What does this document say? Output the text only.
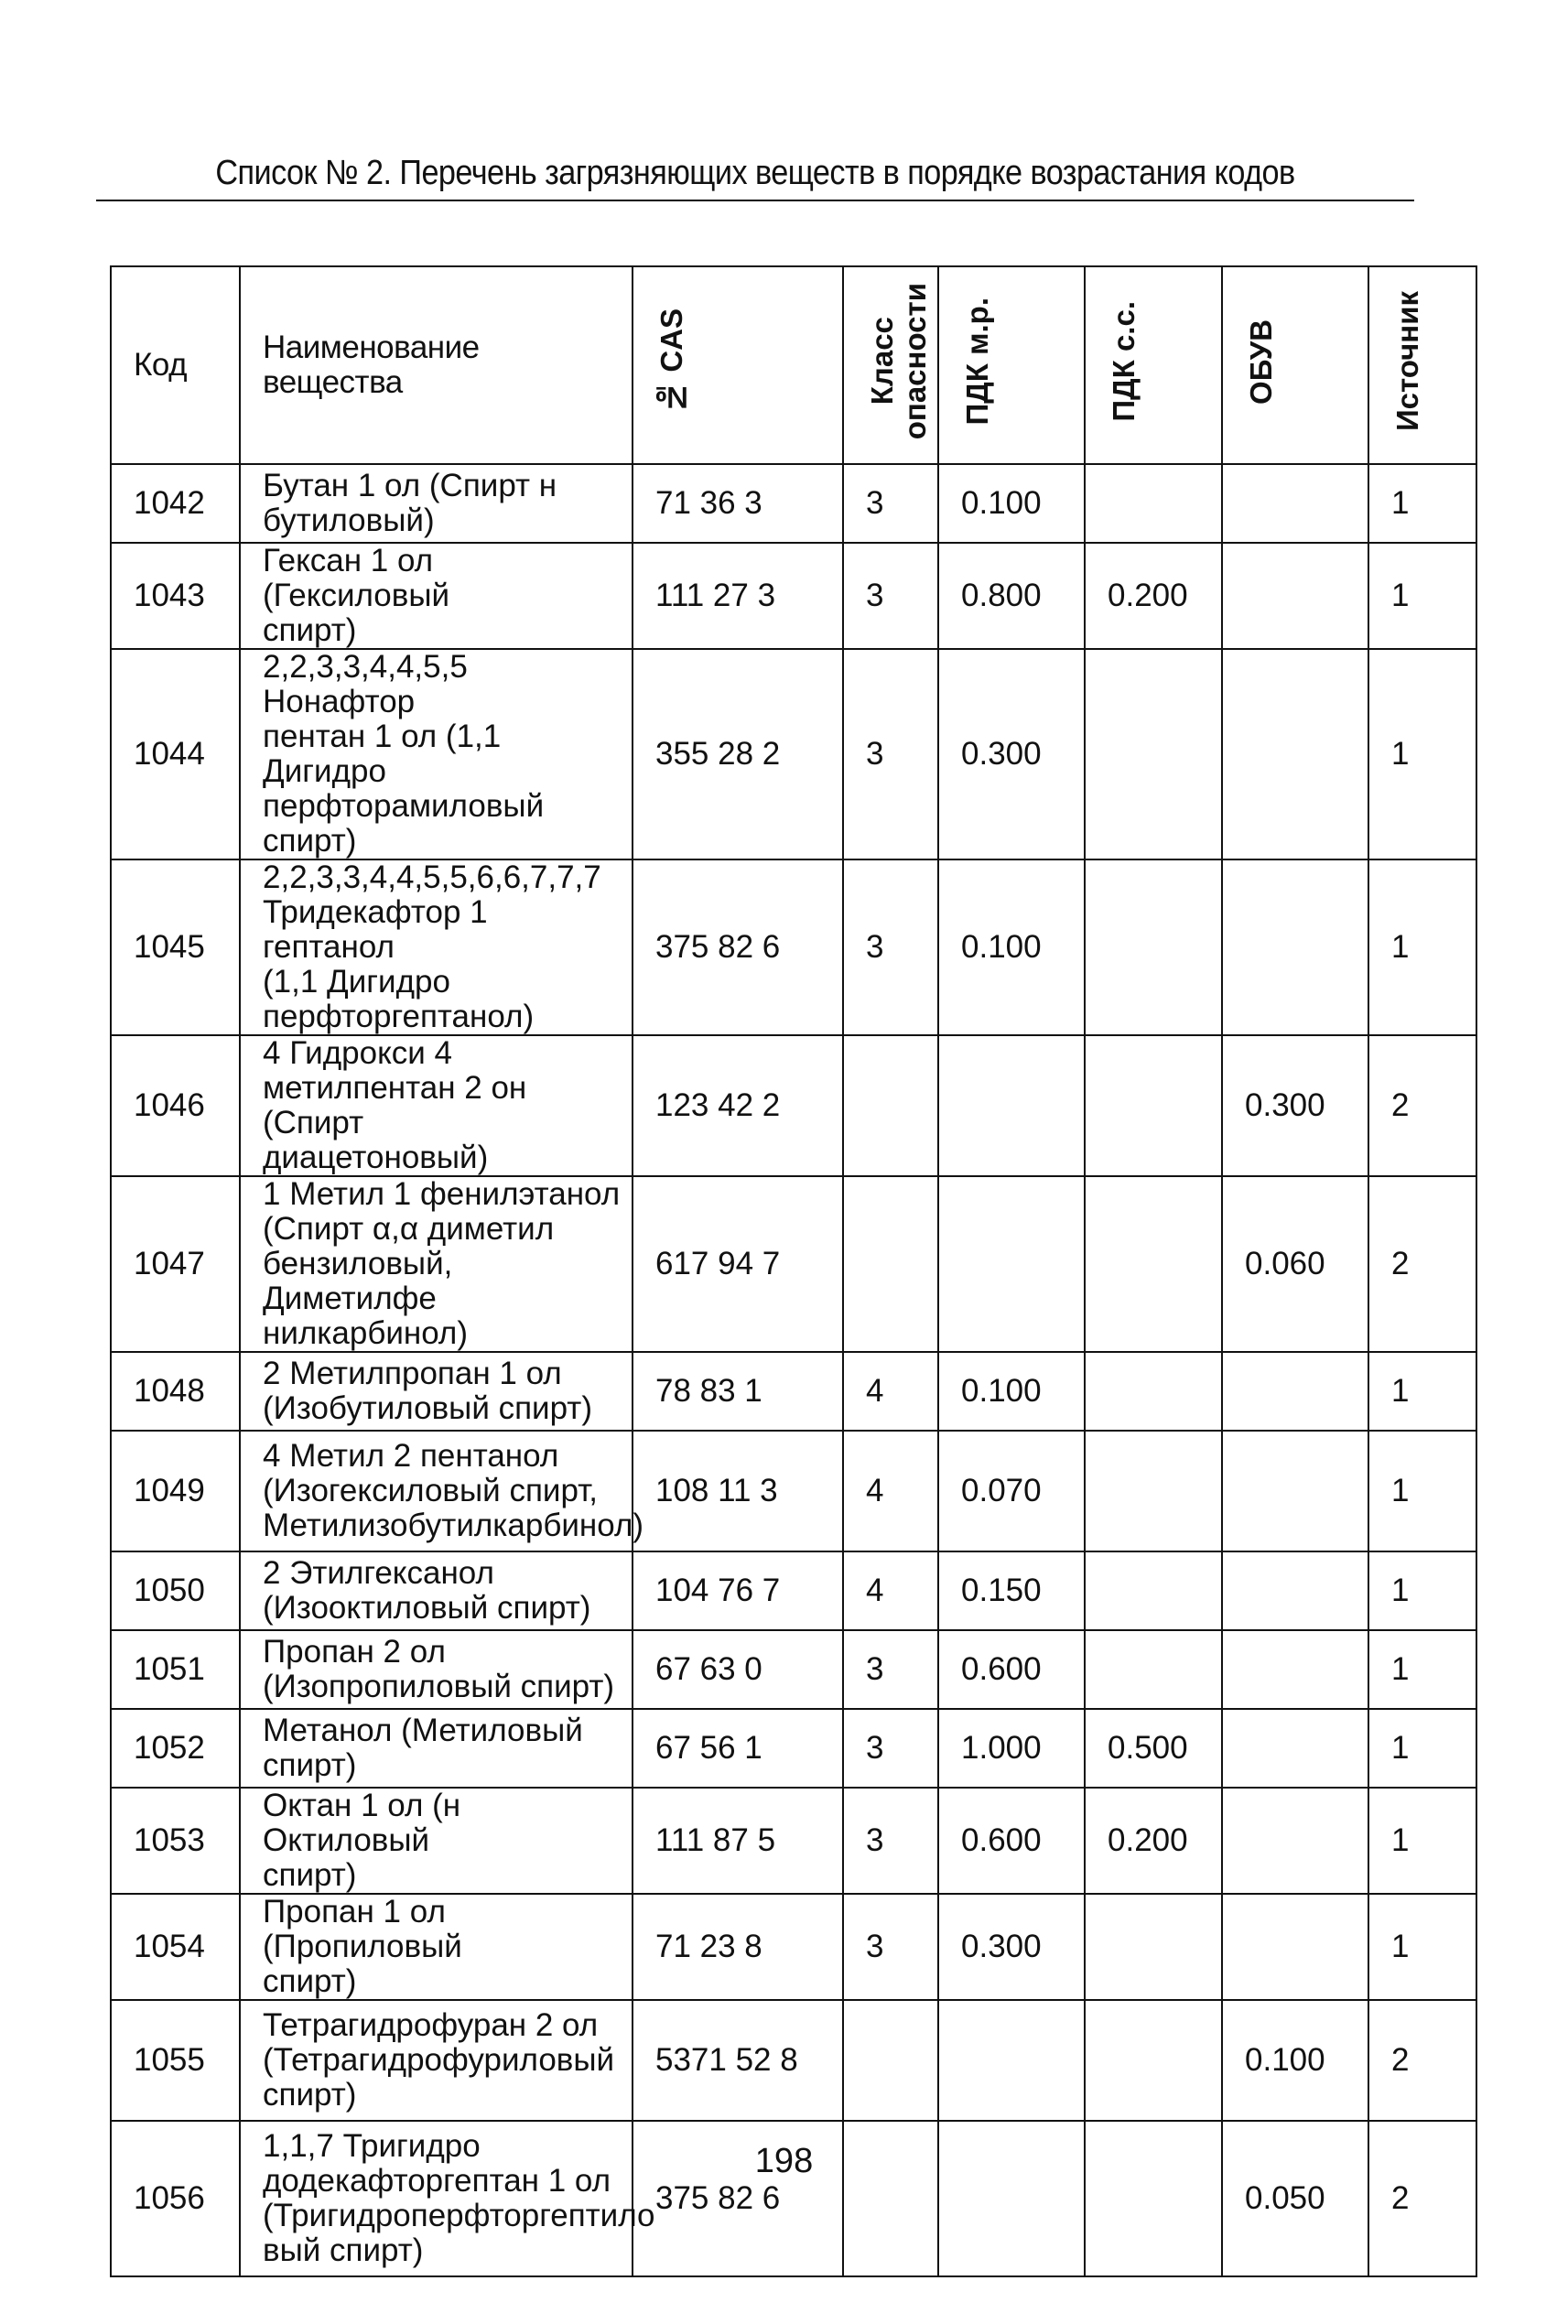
Список № 2. Перечень загрязняющих веществ в порядке возрастания кодов
Код	Наименование вещества	№ CAS	Класс
опасности	ПДК м.р.	ПДК с.с.	ОБУВ	Источник
1042	Бутан 1 ол (Спирт н
бутиловый)	71 36 3	3	0.100			1
1043	Гексан 1 ол (Гексиловый
спирт)	111 27 3	3	0.800	0.200		1
1044	2,2,3,3,4,4,5,5 Нонафтор
пентан 1 ол (1,1 Дигидро
перфторамиловый спирт)	355 28 2	3	0.300			1
1045	2,2,3,3,4,4,5,5,6,6,7,7,7
Тридекафтор 1 гептанол
(1,1 Дигидро
перфторгептанол)	375 82 6	3	0.100			1
1046	4 Гидрокси 4
метилпентан 2 он (Спирт
диацетоновый)	123 42 2				0.300	2
1047	1 Метил 1 фенилэтанол
(Спирт α,α диметил
бензиловый, Диметилфе
нилкарбинол)	617 94 7				0.060	2
1048	2 Метилпропан 1 ол
(Изобутиловый спирт)	78 83 1	4	0.100			1
1049	4 Метил 2 пентанол
(Изогексиловый спирт,
Метилизобутилкарбинол)	108 11 3	4	0.070			1
1050	2 Этилгексанол
(Изооктиловый спирт)	104 76 7	4	0.150			1
1051	Пропан 2 ол
(Изопропиловый спирт)	67 63 0	3	0.600			1
1052	Метанол (Метиловый
спирт)	67 56 1	3	1.000	0.500		1
1053	Октан 1 ол (н Октиловый
спирт)	111 87 5	3	0.600	0.200		1
1054	Пропан 1 ол (Пропиловый
спирт)	71 23 8	3	0.300			1
1055	Тетрагидрофуран 2 ол
(Тетрагидрофуриловый
спирт)	5371 52 8				0.100	2
1056	1,1,7 Тригидро
додекафторгептан 1 ол
(Тригидроперфторгептило
вый спирт)	375 82 6				0.050	2
198
